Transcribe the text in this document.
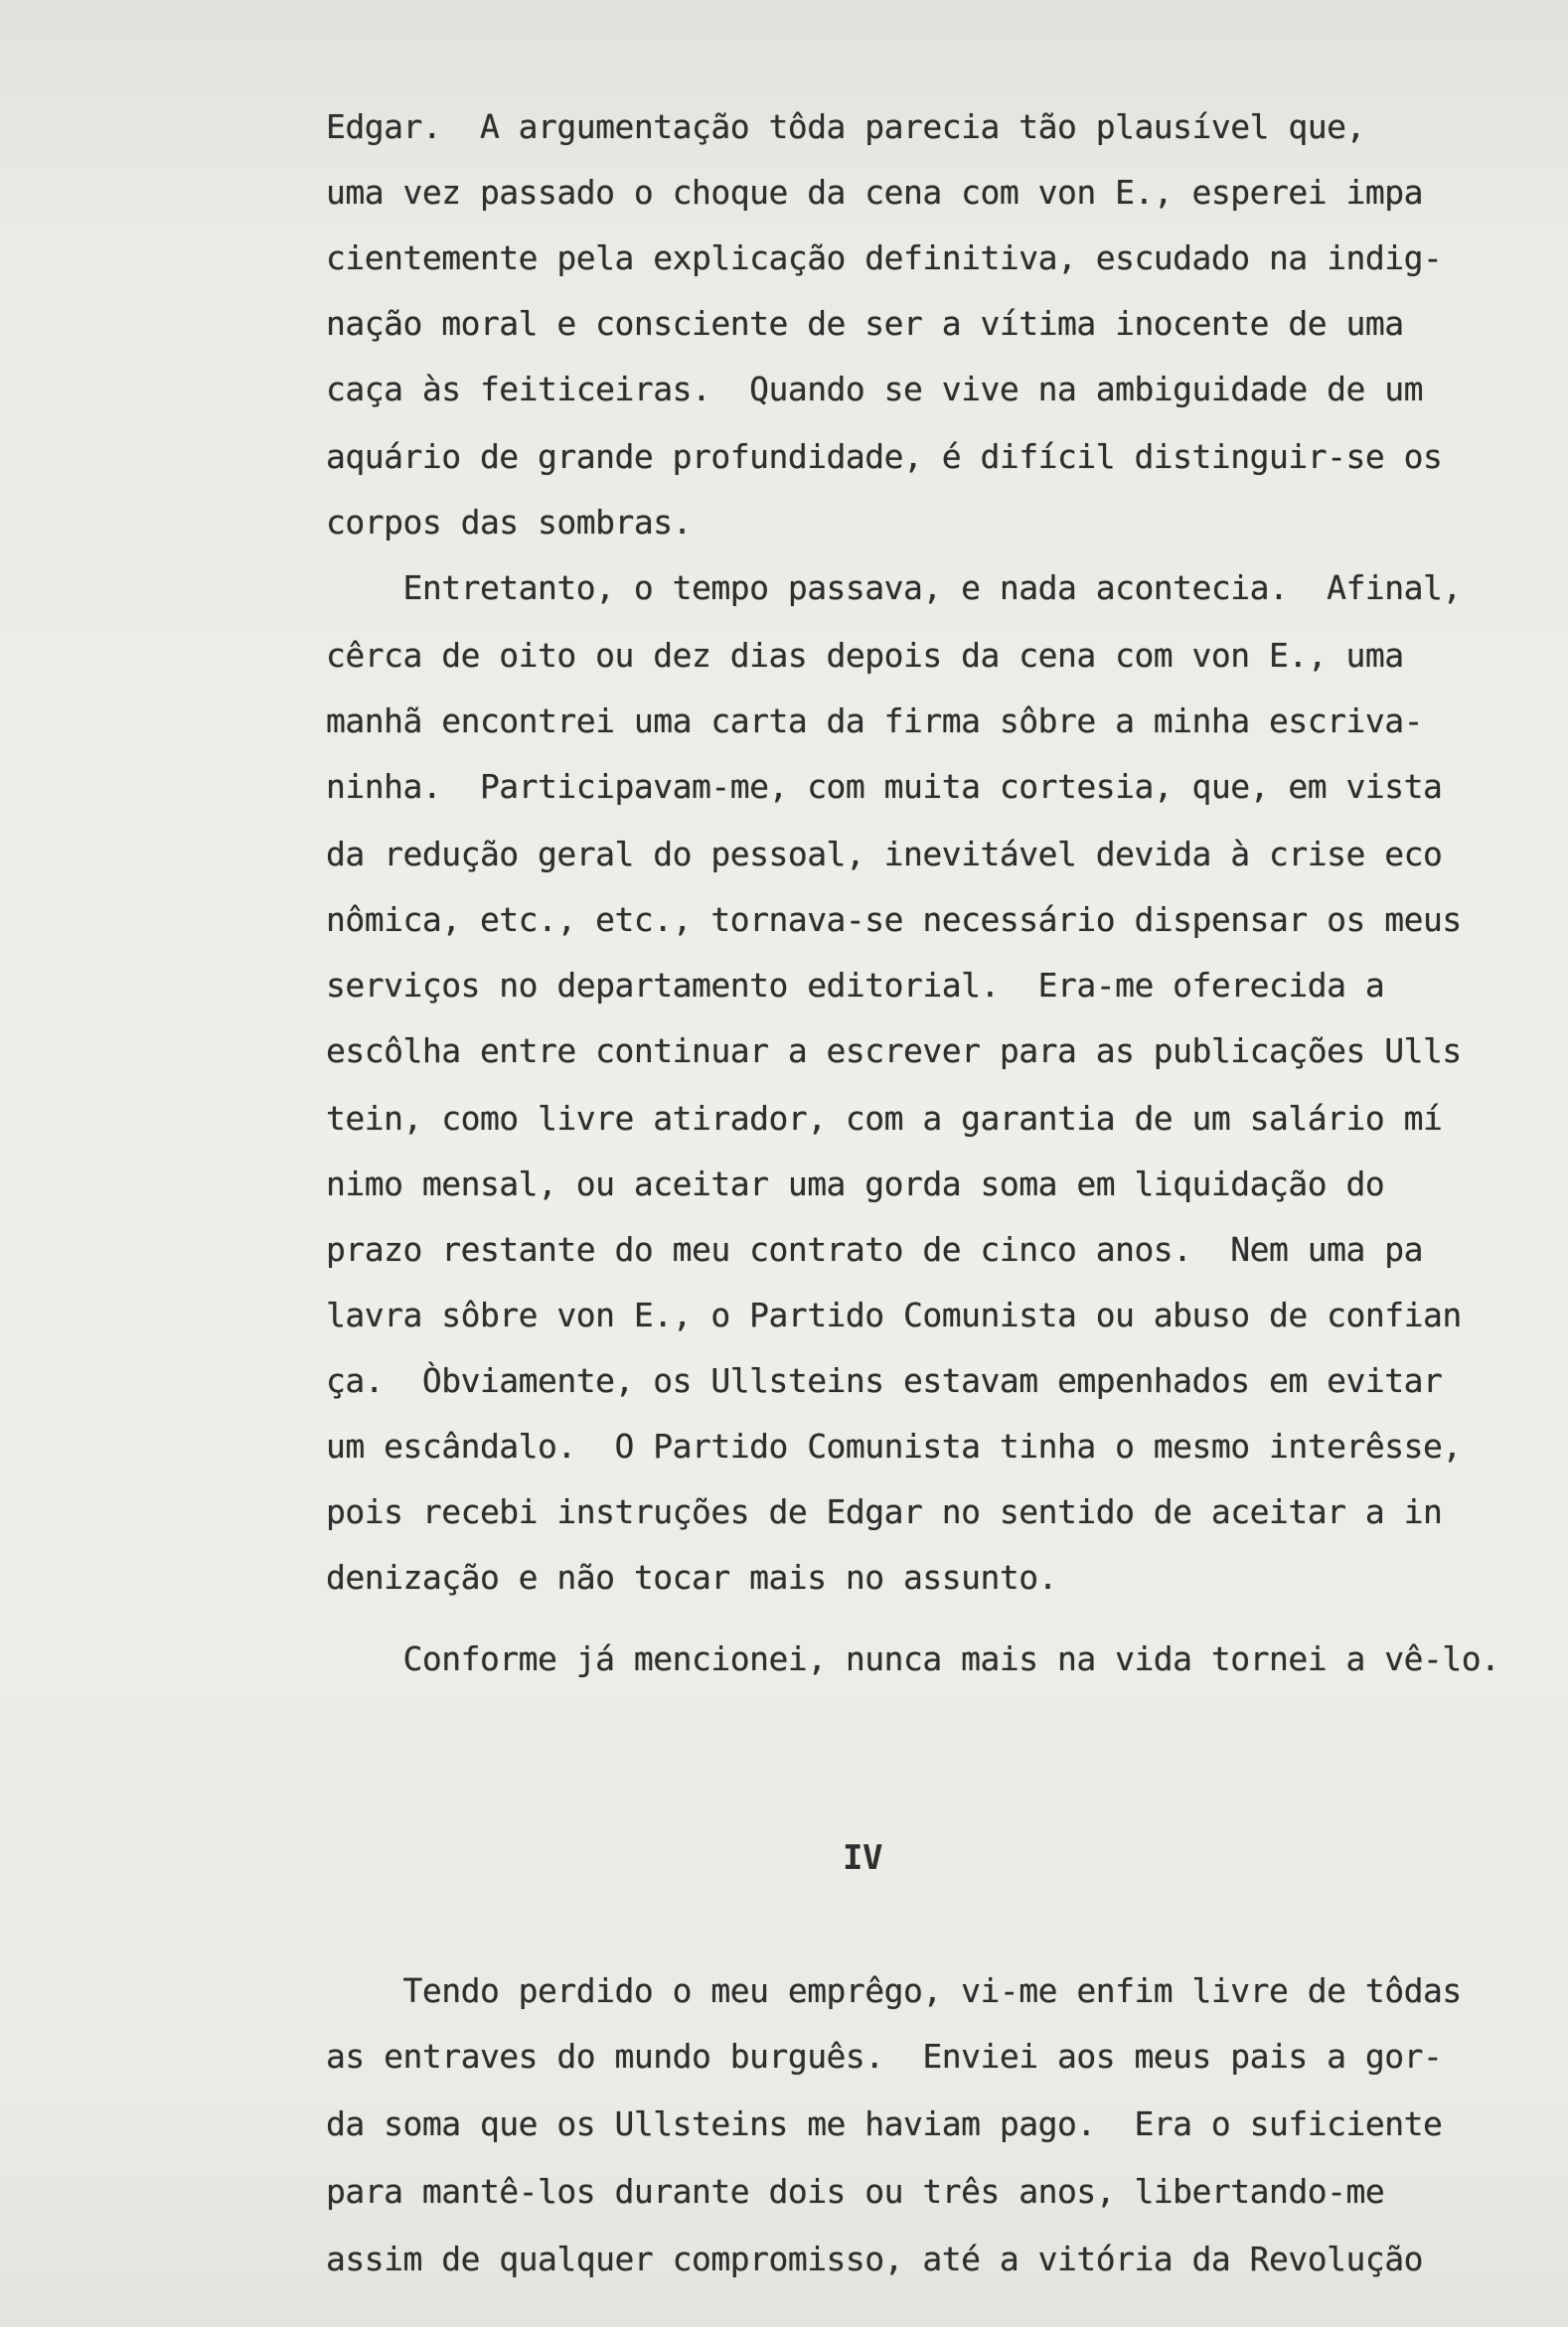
Edgar.  A argumentação tôda parecia tão plausível que,
uma vez passado o choque da cena com von E., esperei impa
cientemente pela explicação definitiva, escudado na indig-
nação moral e consciente de ser a vítima inocente de uma
caça às feiticeiras.  Quando se vive na ambiguidade de um
aquário de grande profundidade, é difícil distinguir-se os
corpos das sombras.
Entretanto, o tempo passava, e nada acontecia.  Afinal,
cêrca de oito ou dez dias depois da cena com von E., uma
manhã encontrei uma carta da firma sôbre a minha escriva-
ninha.  Participavam-me, com muita cortesia, que, em vista
da redução geral do pessoal, inevitável devida à crise eco
nômica, etc., etc., tornava-se necessário dispensar os meus
serviços no departamento editorial.  Era-me oferecida a
escôlha entre continuar a escrever para as publicações Ulls
tein, como livre atirador, com a garantia de um salário mí
nimo mensal, ou aceitar uma gorda soma em liquidação do
prazo restante do meu contrato de cinco anos.  Nem uma pa
lavra sôbre von E., o Partido Comunista ou abuso de confian
ça.  Òbviamente, os Ullsteins estavam empenhados em evitar
um escândalo.  O Partido Comunista tinha o mesmo interêsse,
pois recebi instruções de Edgar no sentido de aceitar a in
denização e não tocar mais no assunto.
Conforme já mencionei, nunca mais na vida tornei a vê-lo.
IV
Tendo perdido o meu emprêgo, vi-me enfim livre de tôdas
as entraves do mundo burguês.  Enviei aos meus pais a gor-
da soma que os Ullsteins me haviam pago.  Era o suficiente
para mantê-los durante dois ou três anos, libertando-me
assim de qualquer compromisso, até a vitória da Revolução
